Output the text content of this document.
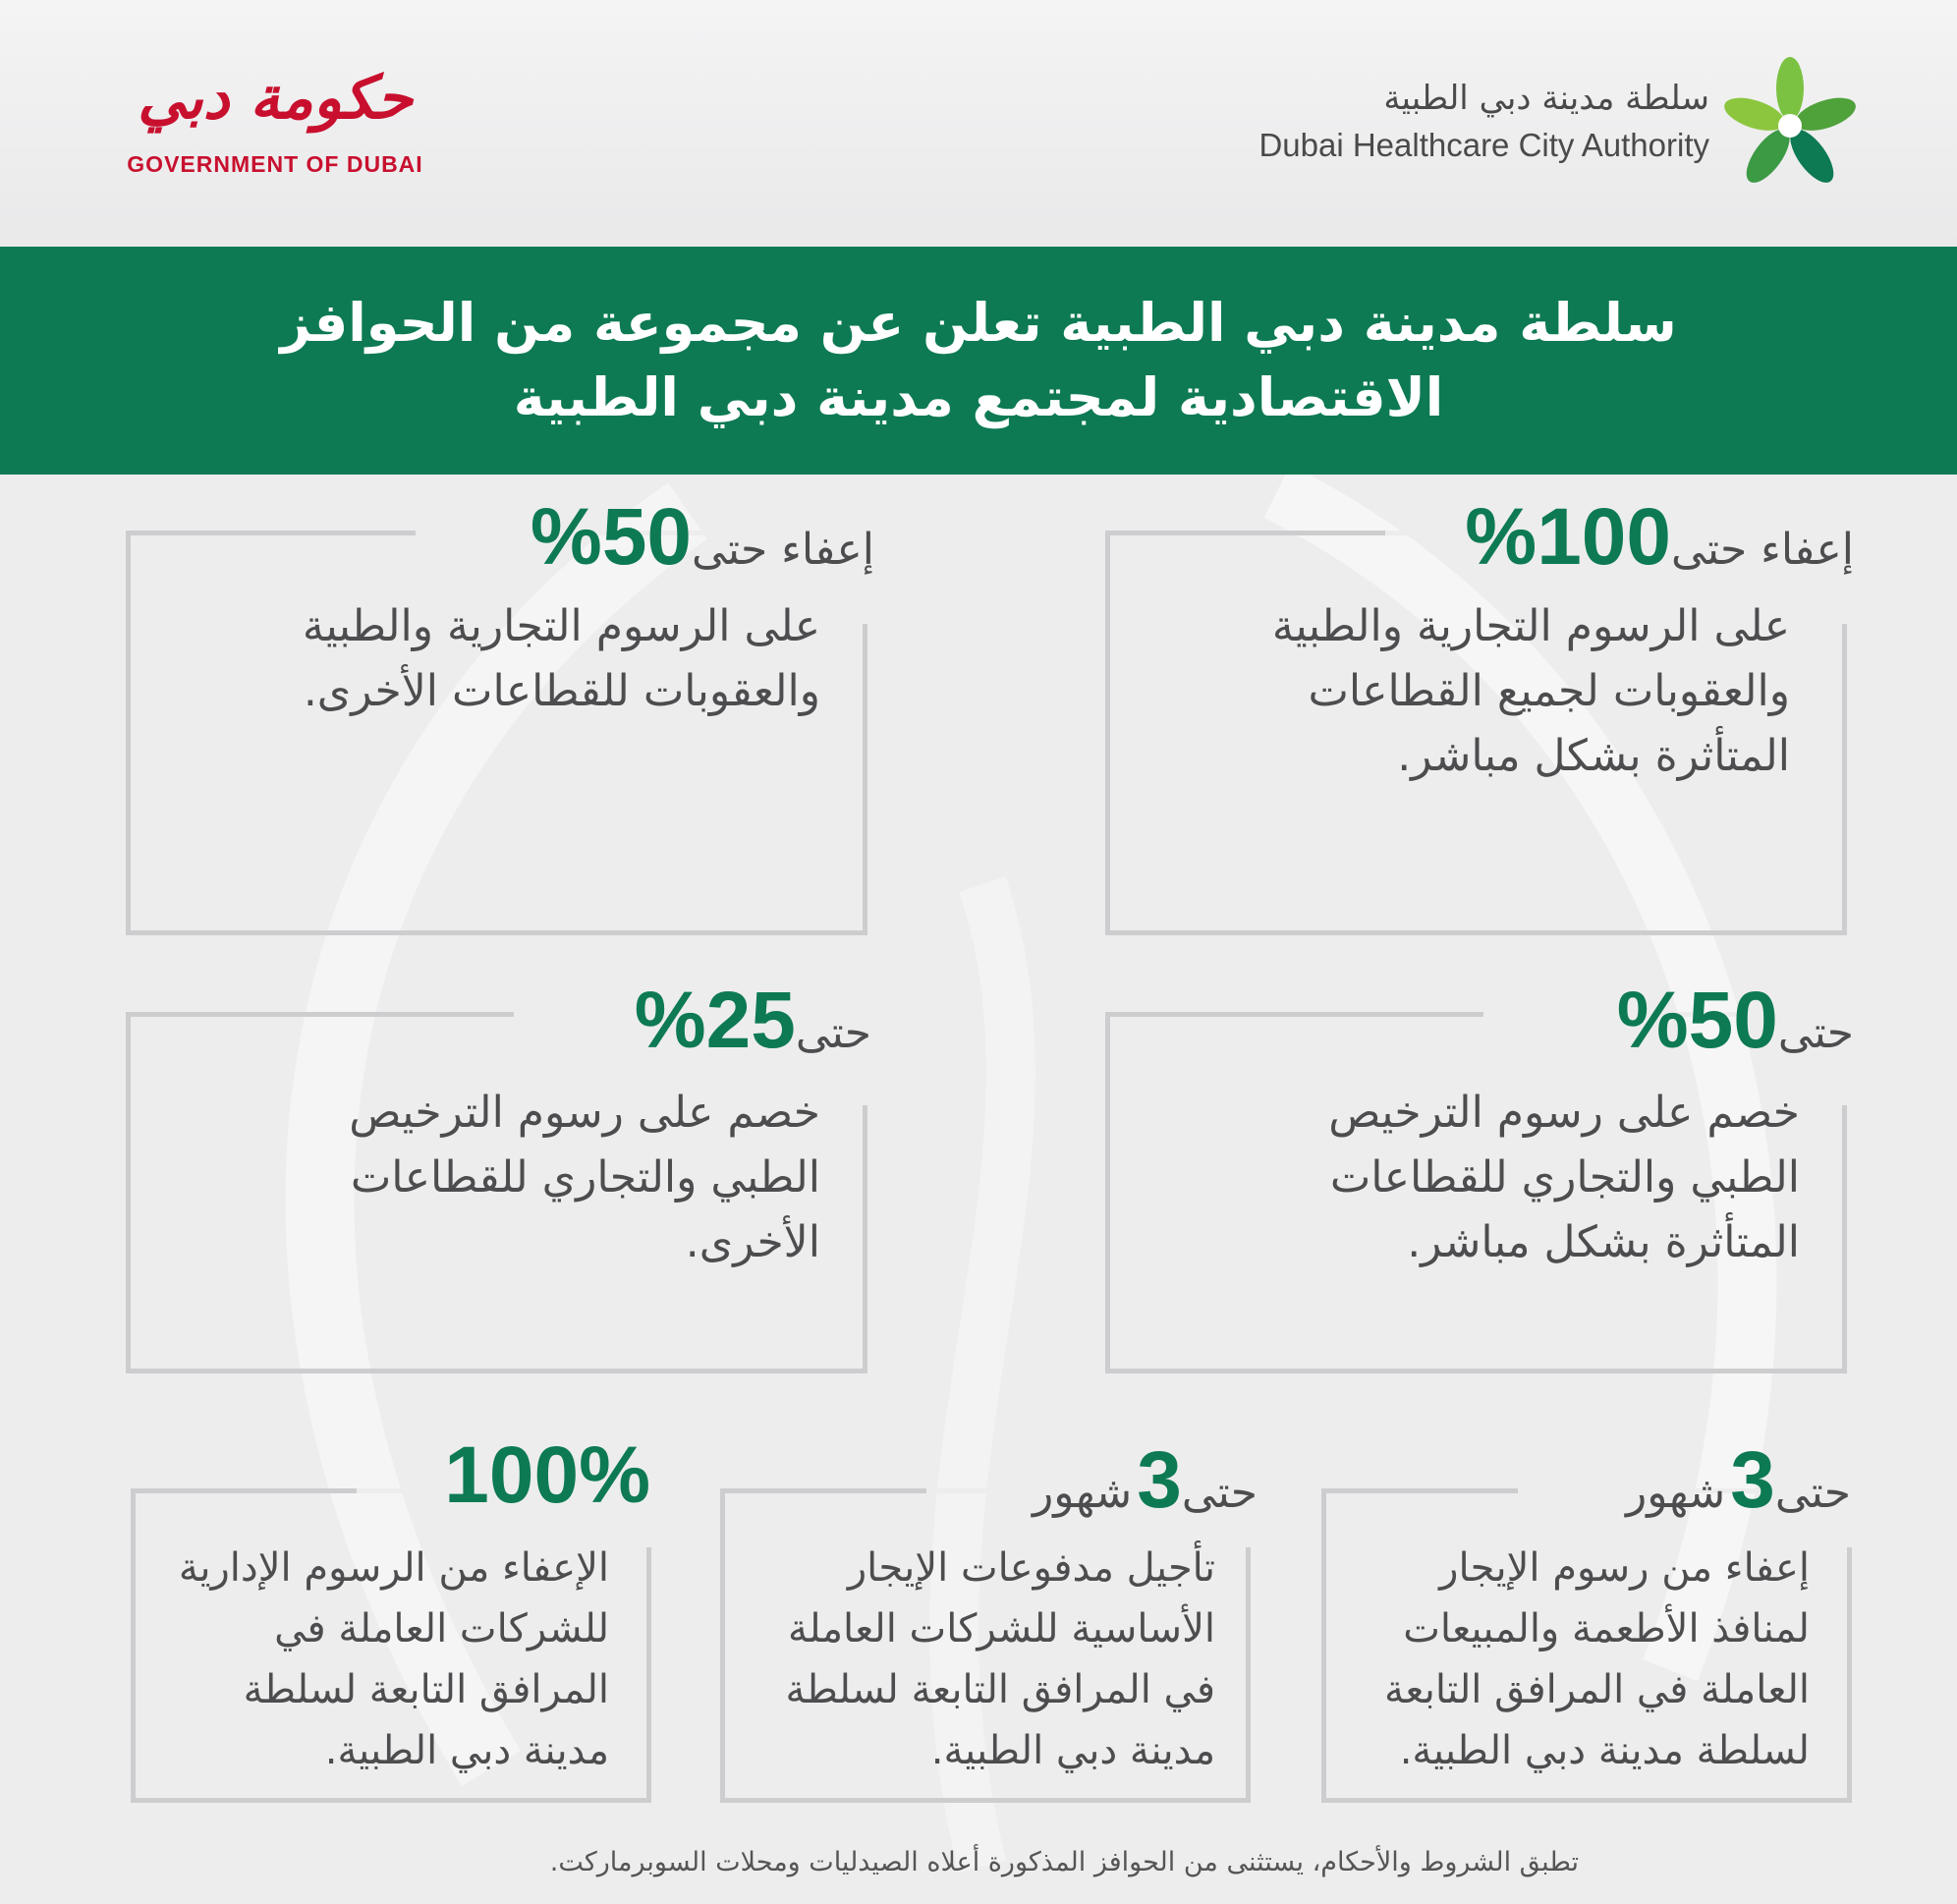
حكومة دبي
GOVERNMENT OF DUBAI
سلطة مدينة دبي الطبية
Dubai Healthcare City Authority
سلطة مدينة دبي الطبية تعلن عن مجموعة من الحوافز
الاقتصادية لمجتمع مدينة دبي الطبية
إعفاء حتى100%
على الرسوم التجارية والطبية
والعقوبات لجميع القطاعات
المتأثرة بشكل مباشر.
إعفاء حتى50%
على الرسوم التجارية والطبية
والعقوبات للقطاعات الأخرى.
حتى50%
خصم على رسوم الترخيص
الطبي والتجاري للقطاعات
المتأثرة بشكل مباشر.
حتى25%
خصم على رسوم الترخيص
الطبي والتجاري للقطاعات
الأخرى.
حتى3 شهور
إعفاء من رسوم الإيجار
لمنافذ الأطعمة والمبيعات
العاملة في المرافق التابعة
لسلطة مدينة دبي الطبية.
حتى3 شهور
تأجيل مدفوعات الإيجار
الأساسية للشركات العاملة
في المرافق التابعة لسلطة
مدينة دبي الطبية.
100%
الإعفاء من الرسوم الإدارية
للشركات العاملة في
المرافق التابعة لسلطة
مدينة دبي الطبية.
تطبق الشروط والأحكام، يستثنى من الحوافز المذكورة أعلاه الصيدليات ومحلات السوبرماركت.
